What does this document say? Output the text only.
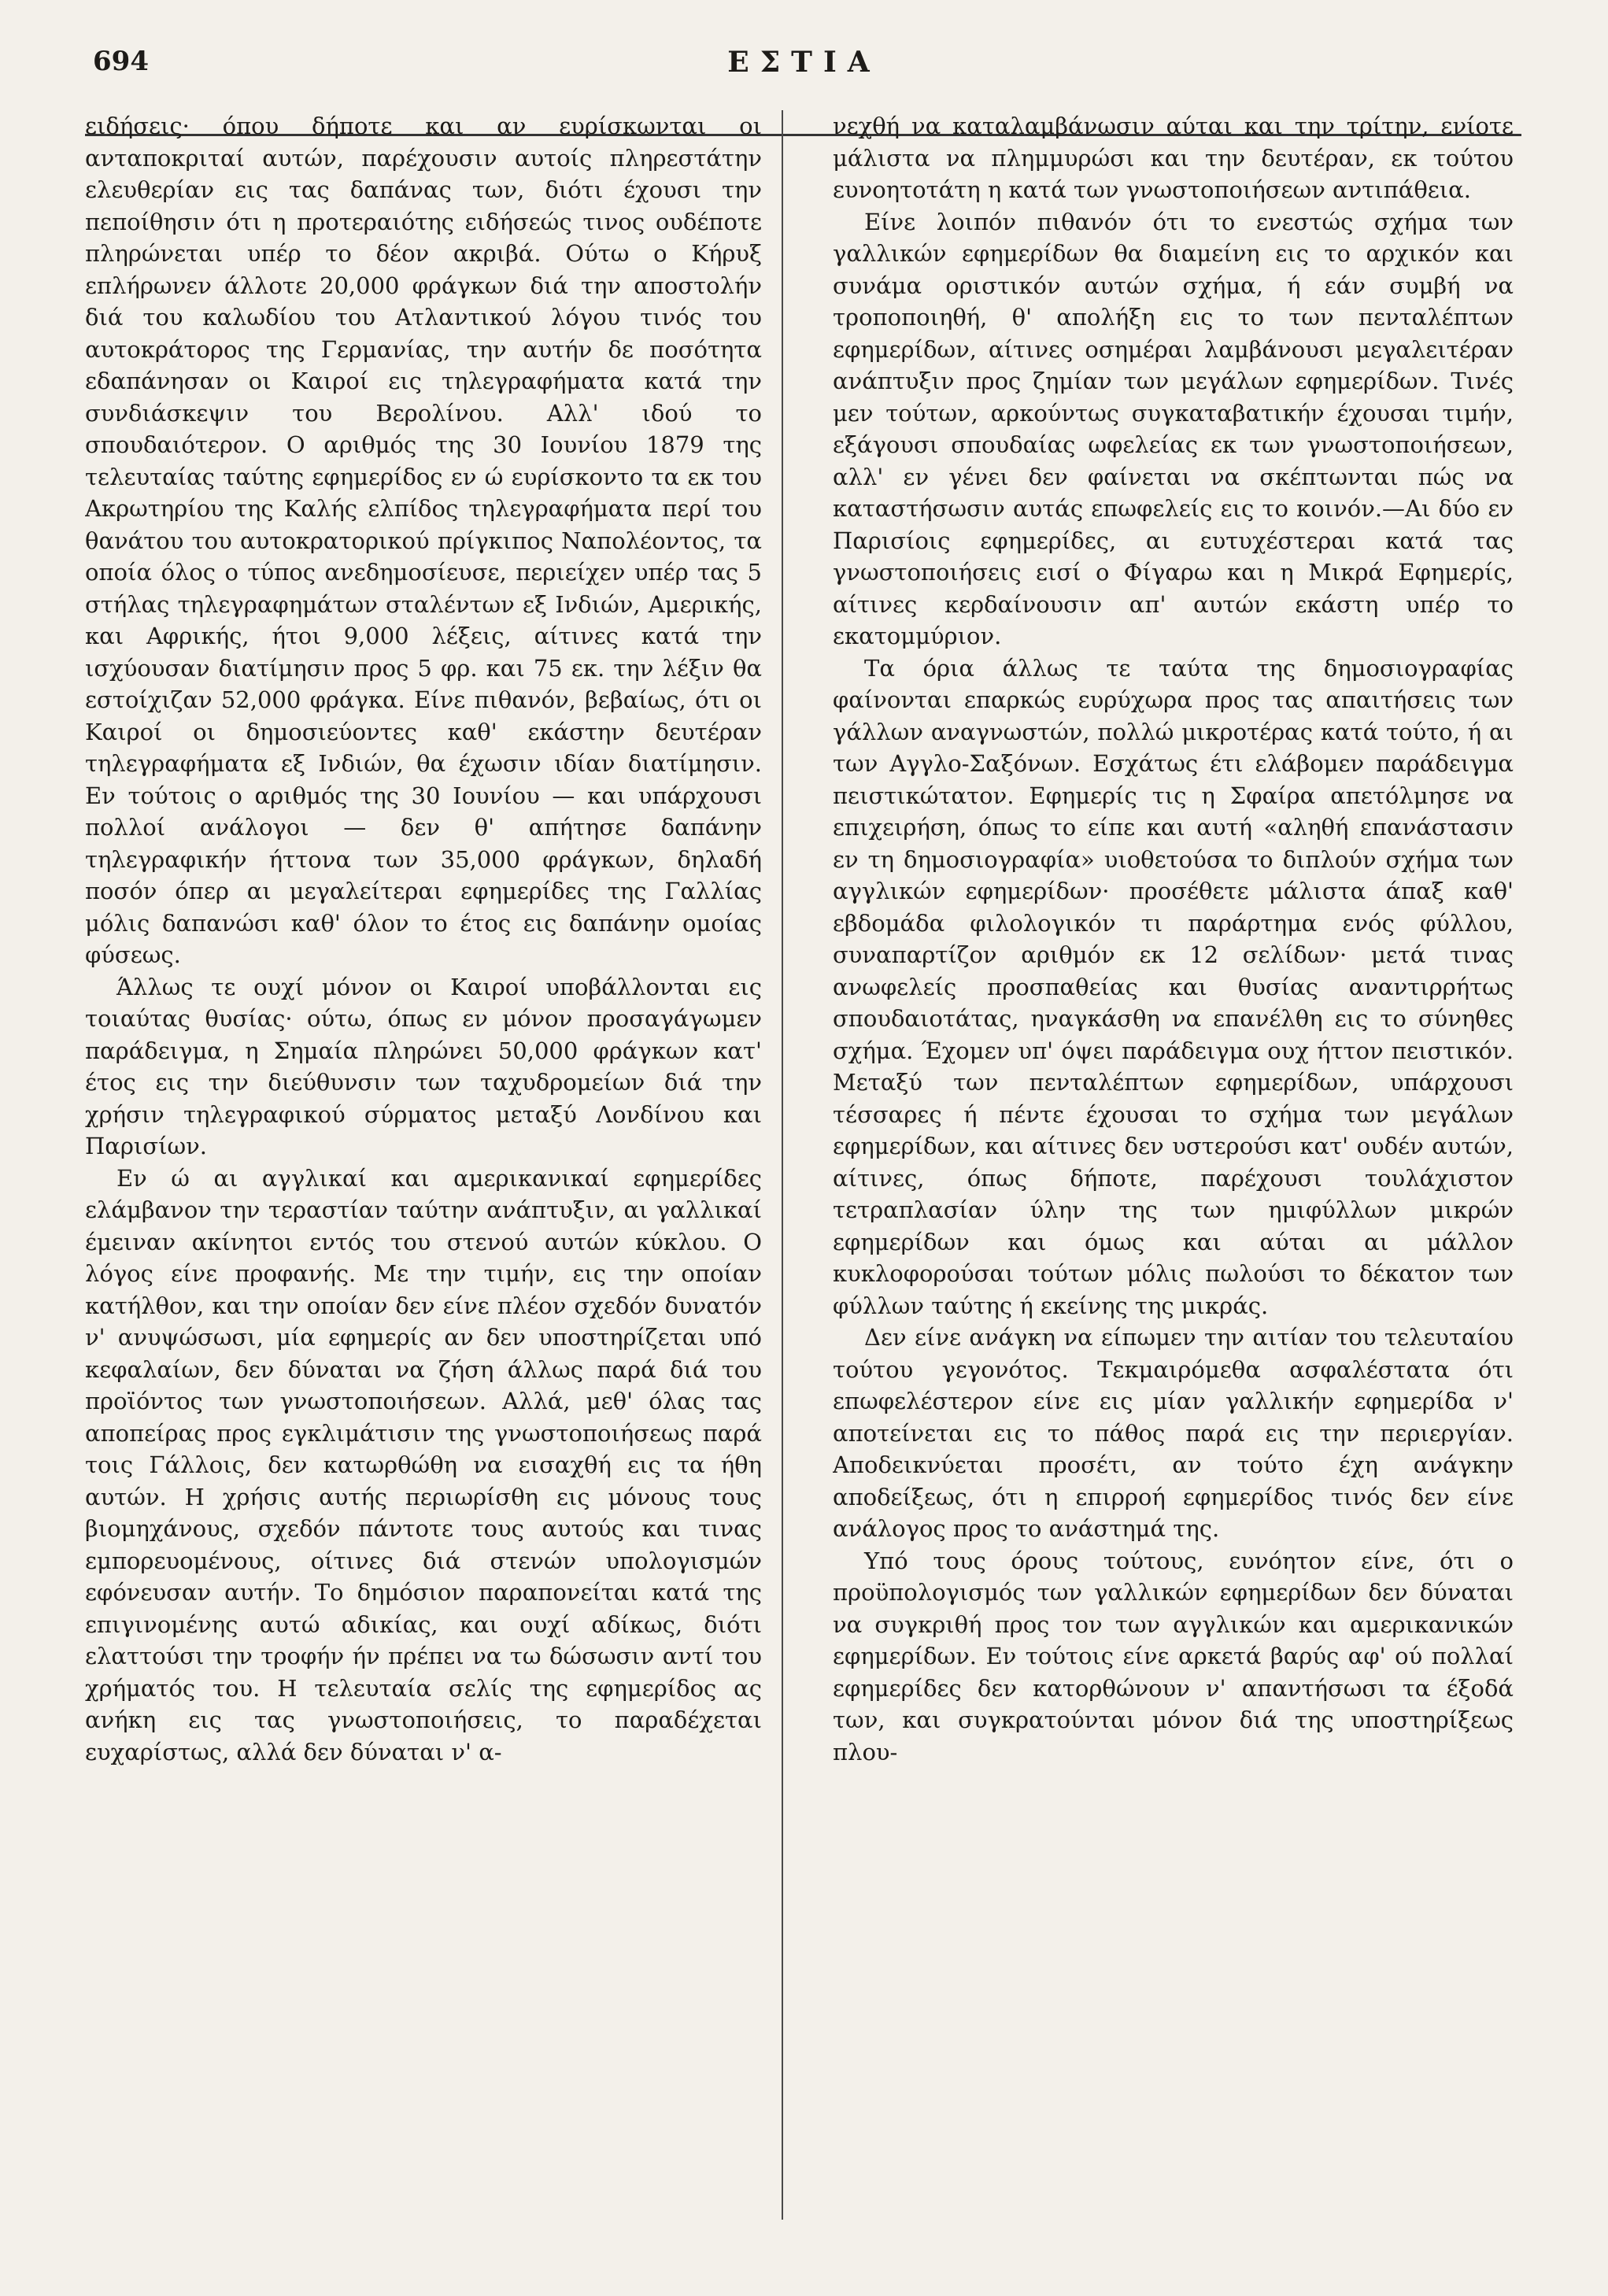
694	ΕΣΤΙΑ

ειδήσεις· όπου δήποτε και αν ευρίσκωνται οι ανταποκριταί αυτών, παρέχουσιν αυτοίς πληρεστάτην ελευθερίαν εις τας δαπάνας των, διότι έχουσι την πεποίθησιν ότι η προτεραιότης ειδήσεώς τινος ουδέποτε πληρώνεται υπέρ το δέον ακριβά. Ούτω ο Κήρυξ επλήρωνεν άλλοτε 20,000 φράγκων διά την αποστολήν διά του καλωδίου του Ατλαντικού λόγου τινός του αυτοκράτορος της Γερμανίας, την αυτήν δε ποσότητα εδαπάνησαν οι Καιροί εις τηλεγραφήματα κατά την συνδιάσκεψιν του Βερολίνου. Αλλ' ιδού το σπουδαιότερον. Ο αριθμός της 30 Ιουνίου 1879 της τελευταίας ταύτης εφημερίδος εν ώ ευρίσκοντο τα εκ του Ακρωτηρίου της Καλής ελπίδος τηλεγραφήματα περί του θανάτου του αυτοκρατορικού πρίγκιπος Ναπολέοντος, τα οποία όλος ο τύπος ανεδημοσίευσε, περιείχεν υπέρ τας 5 στήλας τηλεγραφημάτων σταλέντων εξ Ινδιών, Αμερικής, και Αφρικής, ήτοι 9,000 λέξεις, αίτινες κατά την ισχύουσαν διατίμησιν προς 5 φρ. και 75 εκ. την λέξιν θα εστοίχιζαν 52,000 φράγκα. Είνε πιθανόν, βεβαίως, ότι οι Καιροί οι δημοσιεύοντες καθ' εκάστην δευτέραν τηλεγραφήματα εξ Ινδιών, θα έχωσιν ιδίαν διατίμησιν. Εν τούτοις ο αριθμός της 30 Ιουνίου — και υπάρχουσι πολλοί ανάλογοι — δεν θ' απήτησε δαπάνην τηλεγραφικήν ήττονα των 35,000 φράγκων, δηλαδή ποσόν όπερ αι μεγαλείτεραι εφημερίδες της Γαλλίας μόλις δαπανώσι καθ' όλον το έτος εις δαπάνην ομοίας φύσεως.

Άλλως τε ουχί μόνον οι Καιροί υποβάλλονται εις τοιαύτας θυσίας· ούτω, όπως εν μόνον προσαγάγωμεν παράδειγμα, η Σημαία πληρώνει 50,000 φράγκων κατ' έτος εις την διεύθυνσιν των ταχυδρομείων διά την χρήσιν τηλεγραφικού σύρματος μεταξύ Λονδίνου και Παρισίων.

Εν ώ αι αγγλικαί και αμερικανικαί εφημερίδες ελάμβανον την τεραστίαν ταύτην ανάπτυξιν, αι γαλλικαί έμειναν ακίνητοι εντός του στενού αυτών κύκλου. Ο λόγος είνε προφανής. Με την τιμήν, εις την οποίαν κατήλθον, και την οποίαν δεν είνε πλέον σχεδόν δυνατόν ν' ανυψώσωσι, μία εφημερίς αν δεν υποστηρίζεται υπό κεφαλαίων, δεν δύναται να ζήση άλλως παρά διά του προϊόντος των γνωστοποιήσεων. Αλλά, μεθ' όλας τας αποπείρας προς εγκλιμάτισιν της γνωστοποιήσεως παρά τοις Γάλλοις, δεν κατωρθώθη να εισαχθή εις τα ήθη αυτών. Η χρήσις αυτής περιωρίσθη εις μόνους τους βιομηχάνους, σχεδόν πάντοτε τους αυτούς και τινας εμπορευομένους, οίτινες διά στενών υπολογισμών εφόνευσαν αυτήν. Το δημόσιον παραπονείται κατά της επιγινομένης αυτώ αδικίας, και ουχί αδίκως, διότι ελαττούσι την τροφήν ήν πρέπει να τω δώσωσιν αντί του χρήματός του. Η τελευταία σελίς της εφημερίδος ας ανήκη εις τας γνωστοποιήσεις, το παραδέχεται ευχαρίστως, αλλά δεν δύναται ν' α-

νεχθή να καταλαμβάνωσιν αύται και την τρίτην, ενίοτε μάλιστα να πλημμυρώσι και την δευτέραν, εκ τούτου ευνοητοτάτη η κατά των γνωστοποιήσεων αντιπάθεια.

Είνε λοιπόν πιθανόν ότι το ενεστώς σχήμα των γαλλικών εφημερίδων θα διαμείνη εις το αρχικόν και συνάμα οριστικόν αυτών σχήμα, ή εάν συμβή να τροποποιηθή, θ' απολήξη εις το των πενταλέπτων εφημερίδων, αίτινες οσημέραι λαμβάνουσι μεγαλειτέραν ανάπτυξιν προς ζημίαν των μεγάλων εφημερίδων. Τινές μεν τούτων, αρκούντως συγκαταβατικήν έχουσαι τιμήν, εξάγουσι σπουδαίας ωφελείας εκ των γνωστοποιήσεων, αλλ' εν γένει δεν φαίνεται να σκέπτωνται πώς να καταστήσωσιν αυτάς επωφελείς εις το κοινόν.—Αι δύο εν Παρισίοις εφημερίδες, αι ευτυχέστεραι κατά τας γνωστοποιήσεις εισί ο Φίγαρω και η Μικρά Εφημερίς, αίτινες κερδαίνουσιν απ' αυτών εκάστη υπέρ το εκατομμύριον.

Τα όρια άλλως τε ταύτα της δημοσιογραφίας φαίνονται επαρκώς ευρύχωρα προς τας απαιτήσεις των γάλλων αναγνωστών, πολλώ μικροτέρας κατά τούτο, ή αι των Αγγλο-Σαξόνων. Εσχάτως έτι ελάβομεν παράδειγμα πειστικώτατον. Εφημερίς τις η Σφαίρα απετόλμησε να επιχειρήση, όπως το είπε και αυτή «αληθή επανάστασιν εν τη δημοσιογραφία» υιοθετούσα το διπλούν σχήμα των αγγλικών εφημερίδων· προσέθετε μάλιστα άπαξ καθ' εβδομάδα φιλολογικόν τι παράρτημα ενός φύλλου, συναπαρτίζον αριθμόν εκ 12 σελίδων· μετά τινας ανωφελείς προσπαθείας και θυσίας αναντιρρήτως σπουδαιοτάτας, ηναγκάσθη να επανέλθη εις το σύνηθες σχήμα. Έχομεν υπ' όψει παράδειγμα ουχ ήττον πειστικόν. Μεταξύ των πενταλέπτων εφημερίδων, υπάρχουσι τέσσαρες ή πέντε έχουσαι το σχήμα των μεγάλων εφημερίδων, και αίτινες δεν υστερούσι κατ' ουδέν αυτών, αίτινες, όπως δήποτε, παρέχουσι τουλάχιστον τετραπλασίαν ύλην της των ημιφύλλων μικρών εφημερίδων και όμως και αύται αι μάλλον κυκλοφορούσαι τούτων μόλις πωλούσι το δέκατον των φύλλων ταύτης ή εκείνης της μικράς.

Δεν είνε ανάγκη να είπωμεν την αιτίαν του τελευταίου τούτου γεγονότος. Τεκμαιρόμεθα ασφαλέστατα ότι επωφελέστερον είνε εις μίαν γαλλικήν εφημερίδα ν' αποτείνεται εις το πάθος παρά εις την περιεργίαν. Αποδεικνύεται προσέτι, αν τούτο έχη ανάγκην αποδείξεως, ότι η επιρροή εφημερίδος τινός δεν είνε ανάλογος προς το ανάστημά της.

Υπό τους όρους τούτους, ευνόητον είνε, ότι ο προϋπολογισμός των γαλλικών εφημερίδων δεν δύναται να συγκριθή προς τον των αγγλικών και αμερικανικών εφημερίδων. Εν τούτοις είνε αρκετά βαρύς αφ' ού πολλαί εφημερίδες δεν κατορθώνουν ν' απαντήσωσι τα έξοδά των, και συγκρατούνται μόνον διά της υποστηρίξεως πλου-
